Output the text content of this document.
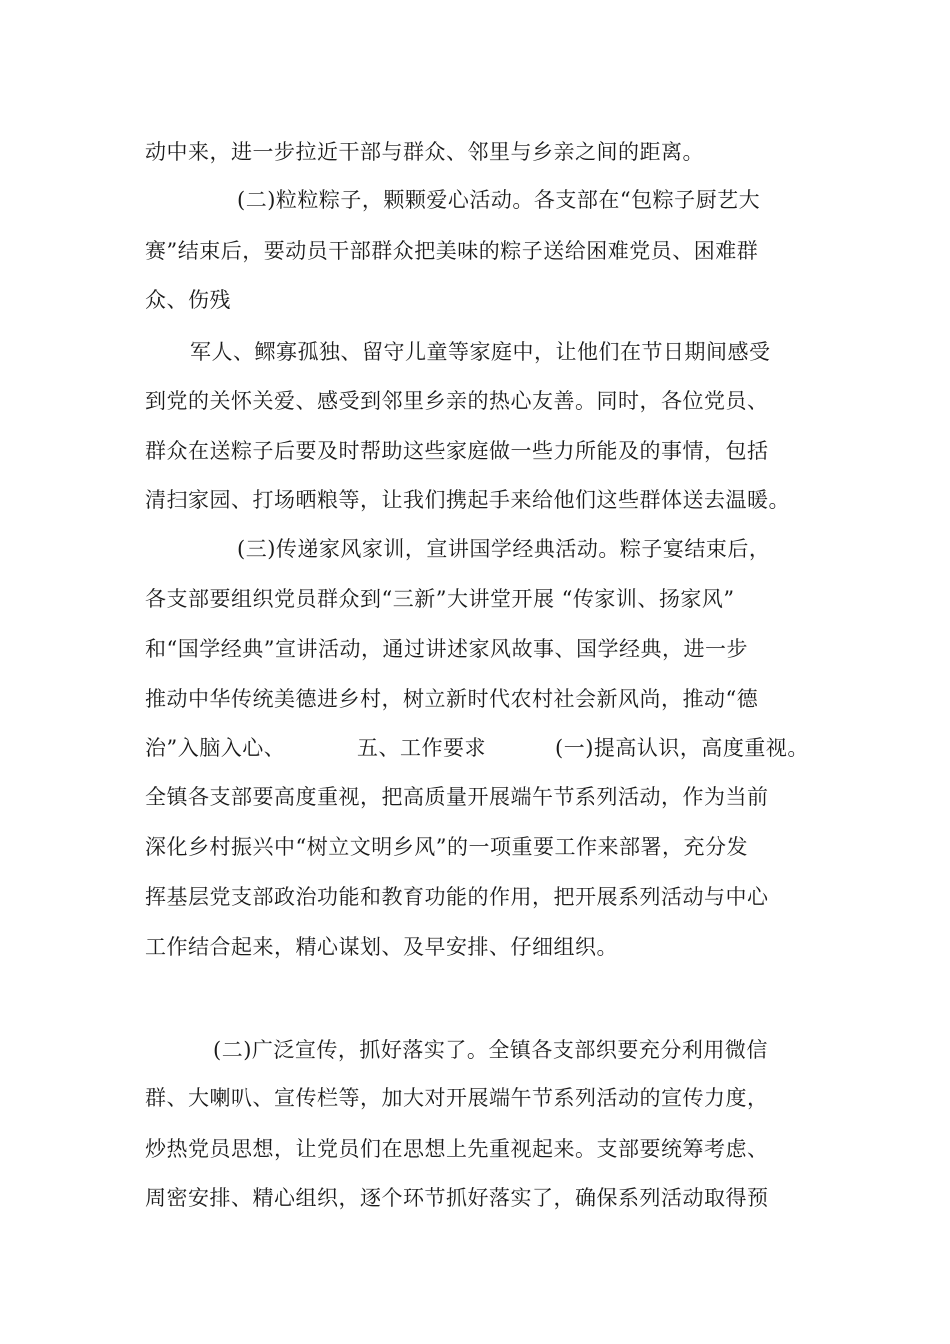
动中来，进一步拉近干部与群众、邻里与乡亲之间的距离。
(二)粒粒粽子，颗颗爱心活动。各支部在“包粽子厨艺大
赛”结束后，要动员干部群众把美味的粽子送给困难党员、困难群
众、伤残
军人、鳏寡孤独、留守儿童等家庭中，让他们在节日期间感受
到党的关怀关爱、感受到邻里乡亲的热心友善。同时，各位党员、
群众在送粽子后要及时帮助这些家庭做一些力所能及的事情，包括
清扫家园、打场晒粮等，让我们携起手来给他们这些群体送去温暖。
(三)传递家风家训，宣讲国学经典活动。粽子宴结束后，
各支部要组织党员群众到“三新”大讲堂开展 “传家训、扬家风”
和“国学经典”宣讲活动，通过讲述家风故事、国学经典，进一步
推动中华传统美德进乡村，树立新时代农村社会新风尚，推动“德
治”入脑入心、	五、工作要求	(一)提高认识，高度重视。
全镇各支部要高度重视，把高质量开展端午节系列活动，作为当前
深化乡村振兴中“树立文明乡风”的一项重要工作来部署，充分发
挥基层党支部政治功能和教育功能的作用，把开展系列活动与中心
工作结合起来，精心谋划、及早安排、仔细组织。
(二)广泛宣传，抓好落实了。全镇各支部织要充分利用微信
群、大喇叭、宣传栏等，加大对开展端午节系列活动的宣传力度，
炒热党员思想，让党员们在思想上先重视起来。支部要统筹考虑、
周密安排、精心组织，逐个环节抓好落实了，确保系列活动取得预
